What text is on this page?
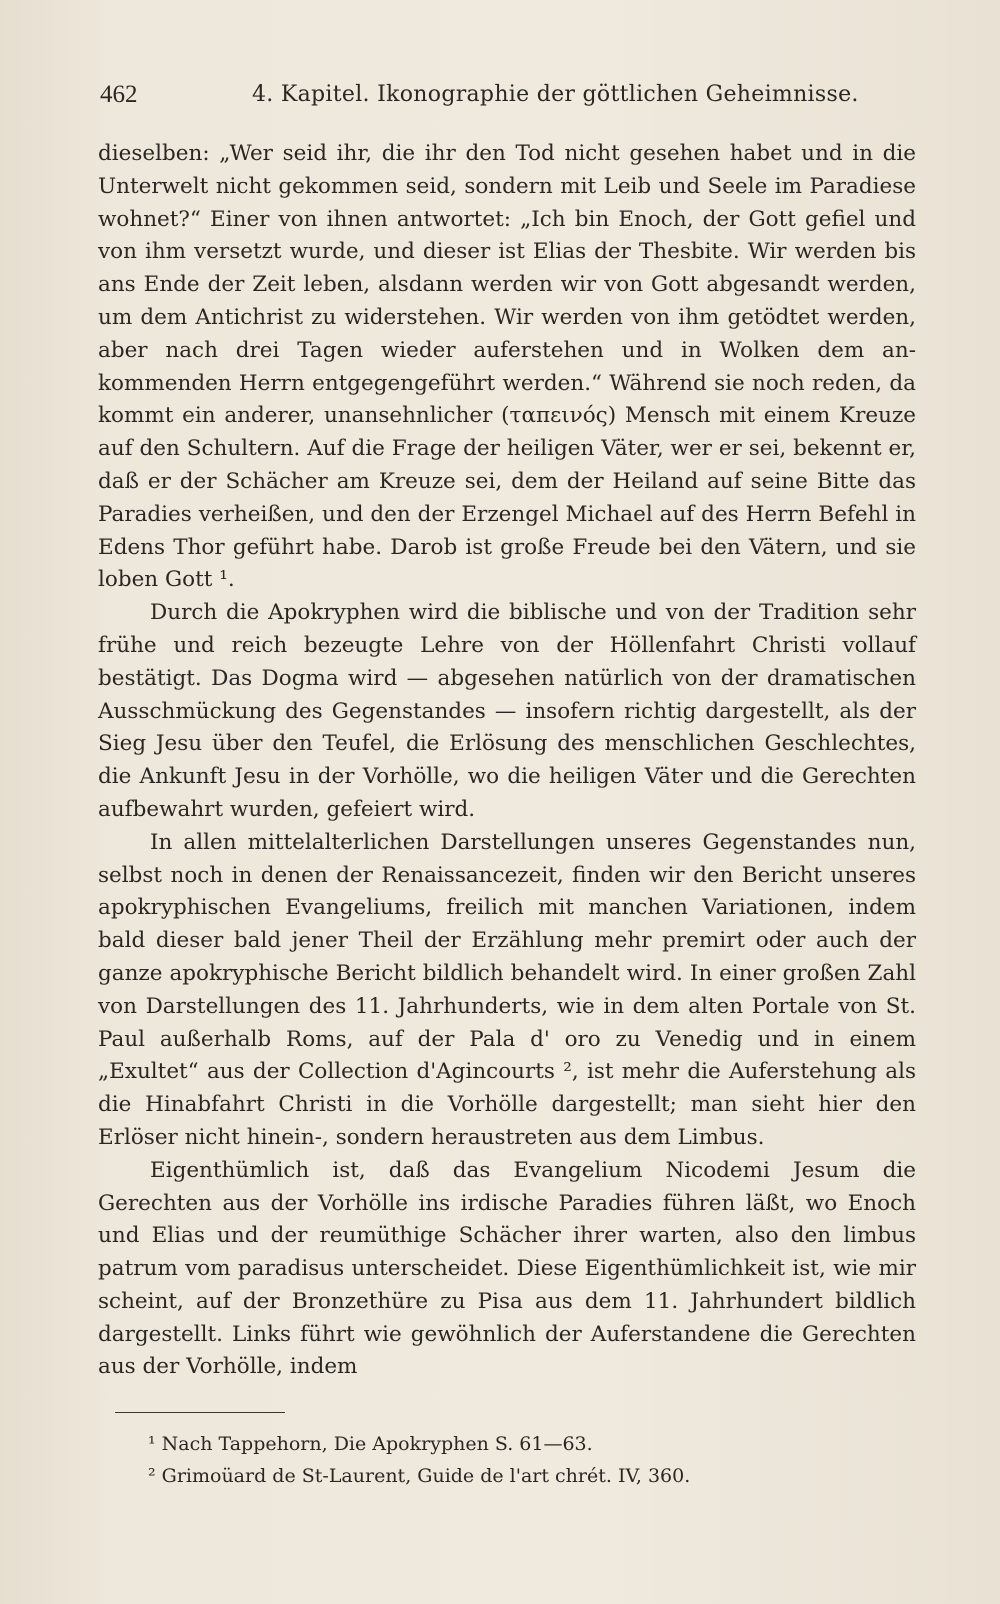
462	4. Kapitel. Ikonographie der göttlichen Geheimnisse.

dieselben: „Wer seid ihr, die ihr den Tod nicht gesehen habet und in die Unterwelt nicht gekommen seid, sondern mit Leib und Seele im Paradiese wohnet?“ Einer von ihnen antwortet: „Ich bin Enoch, der Gott gefiel und von ihm versetzt wurde, und dieser ist Elias der Thesbite. Wir werden bis ans Ende der Zeit leben, alsdann werden wir von Gott abgesandt werden, um dem Antichrist zu widerstehen. Wir werden von ihm getödtet werden, aber nach drei Tagen wieder auferstehen und in Wolken dem ankommenden Herrn entgegengeführt werden.“ Während sie noch reden, da kommt ein anderer, unansehnlicher (ταπεινός) Mensch mit einem Kreuze auf den Schultern. Auf die Frage der heiligen Väter, wer er sei, bekennt er, daß er der Schächer am Kreuze sei, dem der Heiland auf seine Bitte das Paradies verheißen, und den der Erzengel Michael auf des Herrn Befehl in Edens Thor geführt habe. Darob ist große Freude bei den Vätern, und sie loben Gott ¹.

Durch die Apokryphen wird die biblische und von der Tradition sehr frühe und reich bezeugte Lehre von der Höllenfahrt Christi vollauf bestätigt. Das Dogma wird — abgesehen natürlich von der dramatischen Ausschmückung des Gegenstandes — insofern richtig dargestellt, als der Sieg Jesu über den Teufel, die Erlösung des menschlichen Geschlechtes, die Ankunft Jesu in der Vorhölle, wo die heiligen Väter und die Gerechten aufbewahrt wurden, gefeiert wird.

In allen mittelalterlichen Darstellungen unseres Gegenstandes nun, selbst noch in denen der Renaissancezeit, finden wir den Bericht unseres apokryphischen Evangeliums, freilich mit manchen Variationen, indem bald dieser bald jener Theil der Erzählung mehr premirt oder auch der ganze apokryphische Bericht bildlich behandelt wird. In einer großen Zahl von Darstellungen des 11. Jahrhunderts, wie in dem alten Portale von St. Paul außerhalb Roms, auf der Pala d' oro zu Venedig und in einem „Exultet“ aus der Collection d'Agincourts ², ist mehr die Auferstehung als die Hinabfahrt Christi in die Vorhölle dargestellt; man sieht hier den Erlöser nicht hinein-, sondern heraustreten aus dem Limbus.

Eigenthümlich ist, daß das Evangelium Nicodemi Jesum die Gerechten aus der Vorhölle ins irdische Paradies führen läßt, wo Enoch und Elias und der reumüthige Schächer ihrer warten, also den limbus patrum vom paradisus unterscheidet. Diese Eigenthümlichkeit ist, wie mir scheint, auf der Bronzethüre zu Pisa aus dem 11. Jahrhundert bildlich dargestellt. Links führt wie gewöhnlich der Auferstandene die Gerechten aus der Vorhölle, indem

¹ Nach Tappehorn, Die Apokryphen S. 61—63.
² Grimoüard de St-Laurent, Guide de l'art chrét. IV, 360.
